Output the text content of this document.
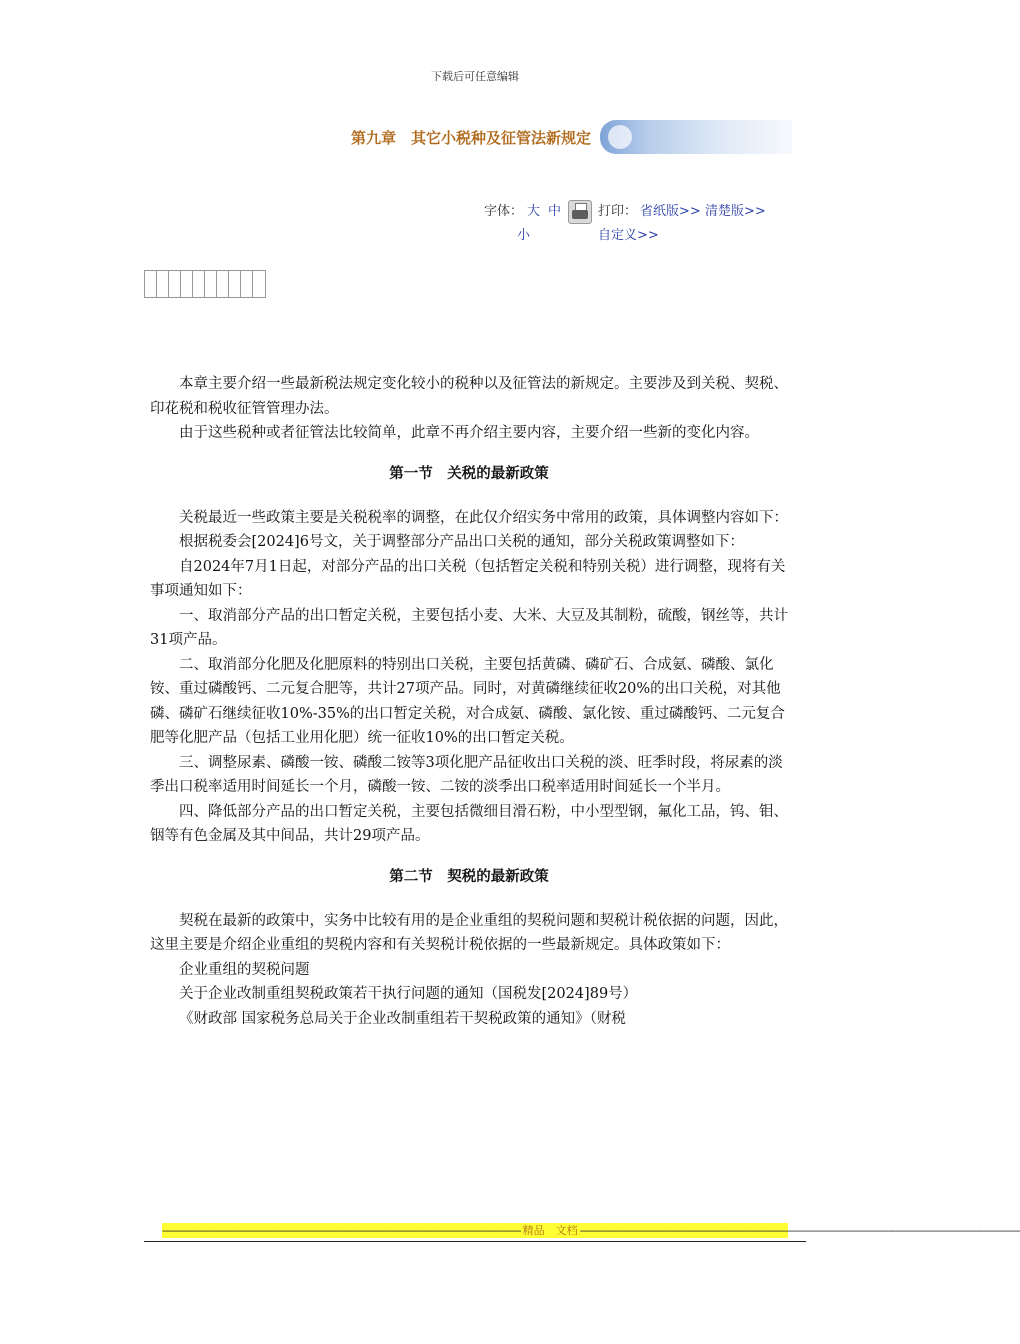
下载后可任意编辑
第九章　其它小税种及征管法新规定
字体： 大 中
小
打印： 省纸版>> 清楚版>>
自定义>>

本章主要介绍一些最新税法规定变化较小的税种以及征管法的新规定。主要涉及到关税、契税、印花税和税收征管管理办法。

由于这些税种或者征管法比较简单，此章不再介绍主要内容，主要介绍一些新的变化内容。

第一节　关税的最新政策

关税最近一些政策主要是关税税率的调整，在此仅介绍实务中常用的政策，具体调整内容如下：

根据税委会[2024]6号文，关于调整部分产品出口关税的通知，部分关税政策调整如下：

自2024年7月1日起，对部分产品的出口关税（包括暂定关税和特别关税）进行调整，现将有关事项通知如下：

一、取消部分产品的出口暂定关税，主要包括小麦、大米、大豆及其制粉，硫酸，钢丝等，共计31项产品。

二、取消部分化肥及化肥原料的特别出口关税，主要包括黄磷、磷矿石、合成氨、磷酸、氯化铵、重过磷酸钙、二元复合肥等，共计27项产品。同时，对黄磷继续征收20%的出口关税，对其他磷、磷矿石继续征收10%-35%的出口暂定关税，对合成氨、磷酸、氯化铵、重过磷酸钙、二元复合肥等化肥产品（包括工业用化肥）统一征收10%的出口暂定关税。

三、调整尿素、磷酸一铵、磷酸二铵等3项化肥产品征收出口关税的淡、旺季时段，将尿素的淡季出口税率适用时间延长一个月，磷酸一铵、二铵的淡季出口税率适用时间延长一个半月。

四、降低部分产品的出口暂定关税，主要包括微细目滑石粉，中小型型钢，氟化工品，钨、钼、铟等有色金属及其中间品，共计29项产品。

第二节　契税的最新政策

契税在最新的政策中，实务中比较有用的是企业重组的契税问题和契税计税依据的问题，因此，这里主要是介绍企业重组的契税内容和有关契税计税依据的一些最新规定。具体政策如下：

企业重组的契税问题

关于企业改制重组契税政策若干执行问题的通知（国税发[2024]89号）

《财政部 国家税务总局关于企业改制重组若干契税政策的通知》（财税

------------------------------------------------------------------------------------------------------------------------------------ 精品　文档 ------------------------------------------------------------------------------------------------------------------------------------------------------------------
